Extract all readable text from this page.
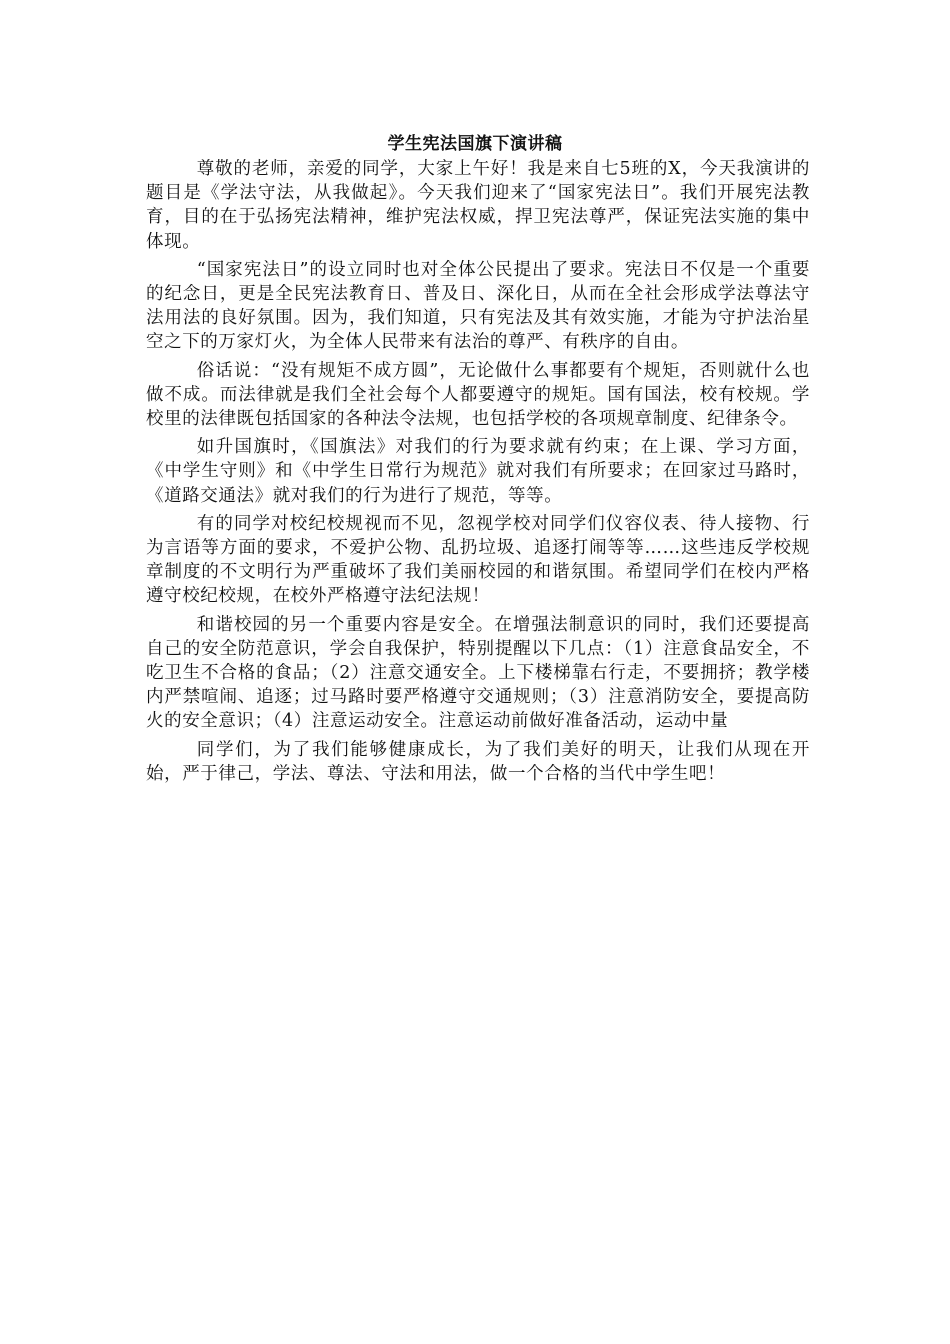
学生宪法国旗下演讲稿

尊敬的老师，亲爱的同学，大家上午好！我是来自七5班的X，今天我演讲的题目是《学法守法，从我做起》。今天我们迎来了“国家宪法日”。我们开展宪法教育，目的在于弘扬宪法精神，维护宪法权威，捍卫宪法尊严，保证宪法实施的集中体现。

“国家宪法日”的设立同时也对全体公民提出了要求。宪法日不仅是一个重要的纪念日，更是全民宪法教育日、普及日、深化日，从而在全社会形成学法尊法守法用法的良好氛围。因为，我们知道，只有宪法及其有效实施，才能为守护法治星空之下的万家灯火，为全体人民带来有法治的尊严、有秩序的自由。

俗话说：“没有规矩不成方圆”，无论做什么事都要有个规矩，否则就什么也做不成。而法律就是我们全社会每个人都要遵守的规矩。国有国法，校有校规。学校里的法律既包括国家的各种法令法规，也包括学校的各项规章制度、纪律条令。

如升国旗时，《国旗法》对我们的行为要求就有约束；在上课、学习方面，《中学生守则》和《中学生日常行为规范》就对我们有所要求；在回家过马路时，《道路交通法》就对我们的行为进行了规范，等等。

有的同学对校纪校规视而不见，忽视学校对同学们仪容仪表、待人接物、行为言语等方面的要求，不爱护公物、乱扔垃圾、追逐打闹等等……这些违反学校规章制度的不文明行为严重破坏了我们美丽校园的和谐氛围。希望同学们在校内严格遵守校纪校规，在校外严格遵守法纪法规！

和谐校园的另一个重要内容是安全。在增强法制意识的同时，我们还要提高自己的安全防范意识，学会自我保护，特别提醒以下几点：（1）注意食品安全，不吃卫生不合格的食品；（2）注意交通安全。上下楼梯靠右行走，不要拥挤；教学楼内严禁喧闹、追逐；过马路时要严格遵守交通规则；（3）注意消防安全，要提高防火的安全意识；（4）注意运动安全。注意运动前做好准备活动，运动中量

同学们，为了我们能够健康成长，为了我们美好的明天，让我们从现在开始，严于律己，学法、尊法、守法和用法，做一个合格的当代中学生吧！
